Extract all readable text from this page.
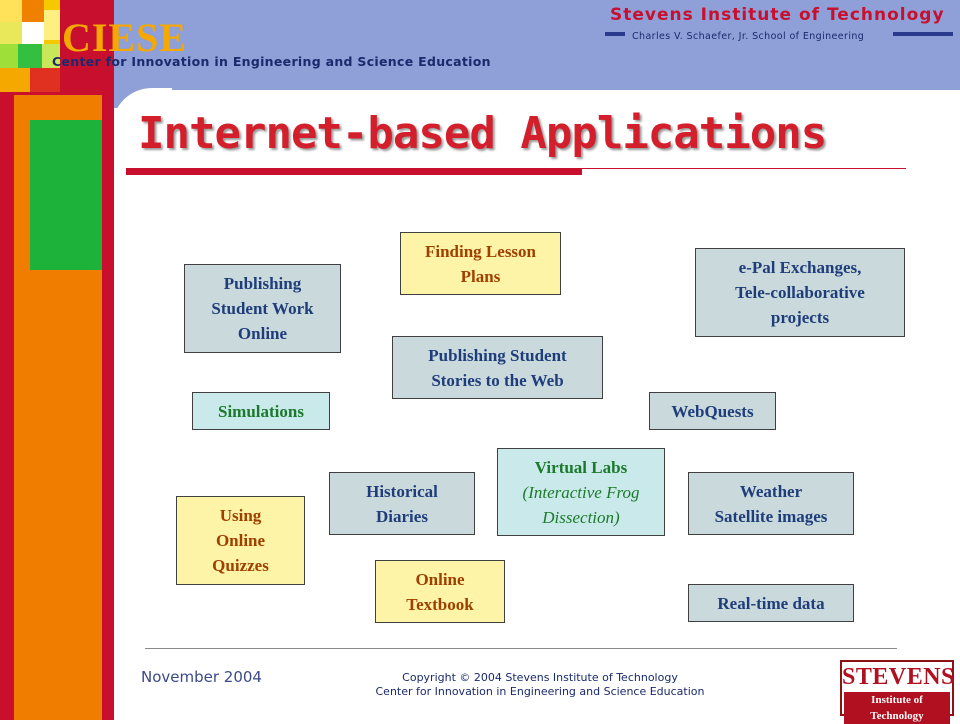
CIESE
Center for Innovation in Engineering and Science Education
Stevens Institute of Technology
Charles V. Schaefer, Jr. School of Engineering
Internet-based Applications
Finding Lesson
Plans
Publishing
Student Work
Online
e-Pal Exchanges,
Tele-collaborative
projects
Publishing Student
Stories to the Web
Simulations	WebQuests
Virtual Labs
(Interactive Frog
Dissection)
Historical
Diaries
Weather
Satellite images
Using
Online
Quizzes
Online
Textbook	Real-time data
November 2004	Copyright © 2004 Stevens Institute of Technology
Center for Innovation in Engineering and Science Education
STEVENS
Institute of Technology
